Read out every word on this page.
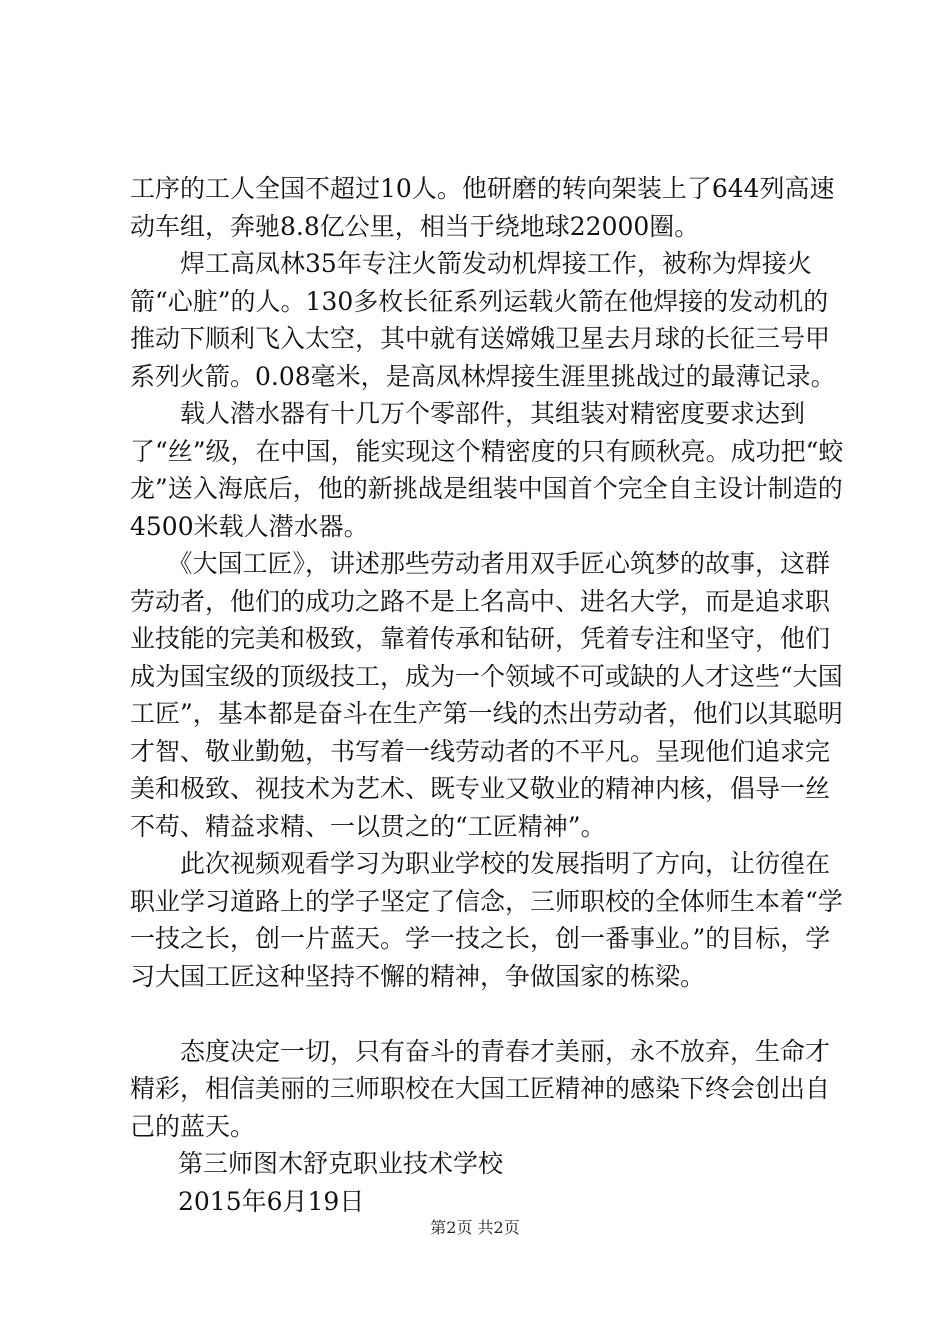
工序的工人全国不超过10人。他研磨的转向架装上了644列高速动车组，奔驰8.8亿公里，相当于绕地球22000圈。

　　焊工高凤林35年专注火箭发动机焊接工作，被称为焊接火箭“心脏”的人。130多枚长征系列运载火箭在他焊接的发动机的推动下顺利飞入太空，其中就有送嫦娥卫星去月球的长征三号甲系列火箭。0.08毫米，是高凤林焊接生涯里挑战过的最薄记录。

　　载人潜水器有十几万个零部件，其组装对精密度要求达到了“丝”级，在中国，能实现这个精密度的只有顾秋亮。成功把“蛟龙”送入海底后，他的新挑战是组装中国首个完全自主设计制造的4500米载人潜水器。

　　《大国工匠》，讲述那些劳动者用双手匠心筑梦的故事，这群劳动者，他们的成功之路不是上名高中、进名大学，而是追求职业技能的完美和极致，靠着传承和钻研，凭着专注和坚守，他们成为国宝级的顶级技工，成为一个领域不可或缺的人才这些“大国工匠”，基本都是奋斗在生产第一线的杰出劳动者，他们以其聪明才智、敬业勤勉，书写着一线劳动者的不平凡。呈现他们追求完美和极致、视技术为艺术、既专业又敬业的精神内核，倡导一丝不苟、精益求精、一以贯之的“工匠精神”。

　　此次视频观看学习为职业学校的发展指明了方向，让彷徨在职业学习道路上的学子坚定了信念，三师职校的全体师生本着“学一技之长，创一片蓝天。学一技之长，创一番事业。”的目标，学习大国工匠这种坚持不懈的精神，争做国家的栋梁。

　　态度决定一切，只有奋斗的青春才美丽，永不放弃，生命才精彩，相信美丽的三师职校在大国工匠精神的感染下终会创出自己的蓝天。

第三师图木舒克职业技术学校

2015年6月19日

第2页 共2页
